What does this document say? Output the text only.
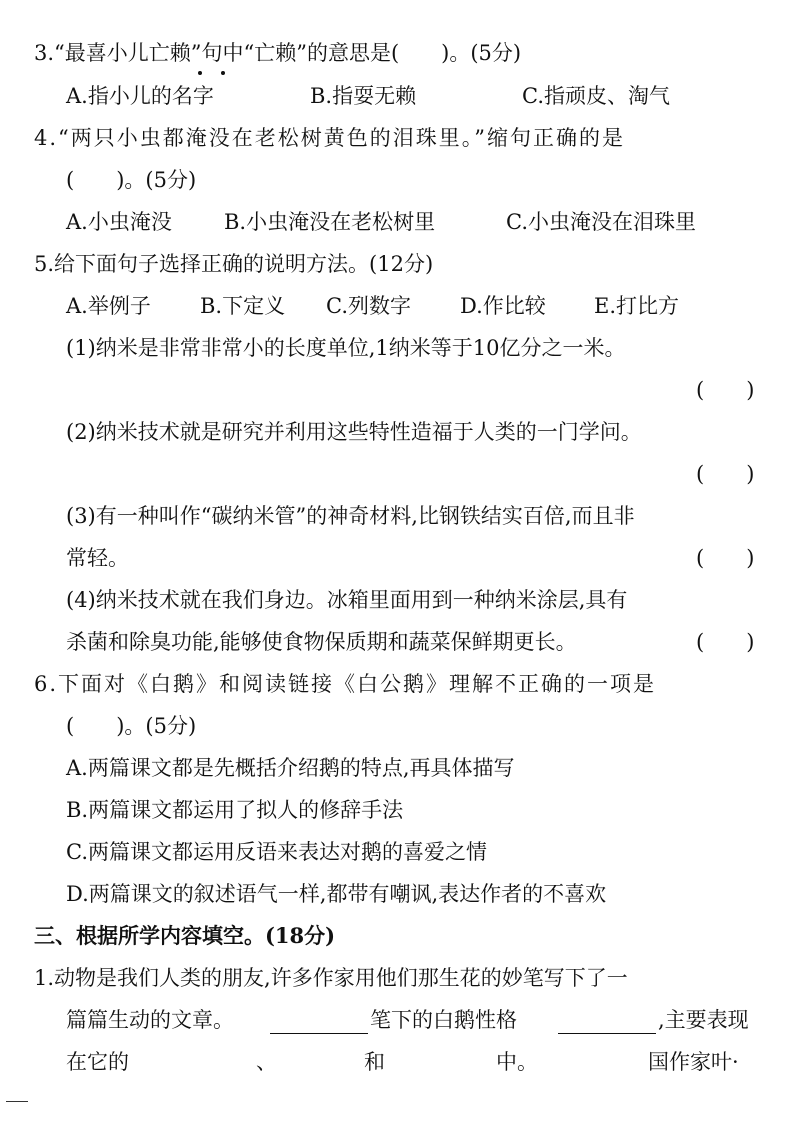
3.“最喜小儿亡赖”句中“亡赖”的意思是(　　)。(5分)
A.指小儿的名字	B.指耍无赖	C.指顽皮、淘气
4.“两只小虫都淹没在老松树黄色的泪珠里。”缩句正确的是
(　　)。(5分)
A.小虫淹没 B.小虫淹没在老松树里	C.小虫淹没在泪珠里
5.给下面句子选择正确的说明方法。(12分)
A.举例子 B.下定义 C.列数字 D.作比较 E.打比方
(1)纳米是非常非常小的长度单位,1纳米等于10亿分之一米。
(　　)
(2)纳米技术就是研究并利用这些特性造福于人类的一门学问。
(　　)
(3)有一种叫作“碳纳米管”的神奇材料,比钢铁结实百倍,而且非
常轻。	(　　)
(4)纳米技术就在我们身边。冰箱里面用到一种纳米涂层,具有
杀菌和除臭功能,能够使食物保质期和蔬菜保鲜期更长。	(　　)
6.下面对《白鹅》和阅读链接《白公鹅》理解不正确的一项是
(　　)。(5分)
A.两篇课文都是先概括介绍鹅的特点,再具体描写
B.两篇课文都运用了拟人的修辞手法
C.两篇课文都运用反语来表达对鹅的喜爱之情
D.两篇课文的叙述语气一样,都带有嘲讽,表达作者的不喜欢
三、根据所学内容填空。(18分)
1.动物是我们人类的朋友,许多作家用他们那生花的妙笔写下了一
篇篇生动的文章。	笔下的白鹅性格	,主要表现
在它的	、	和	中。	国作家叶·
